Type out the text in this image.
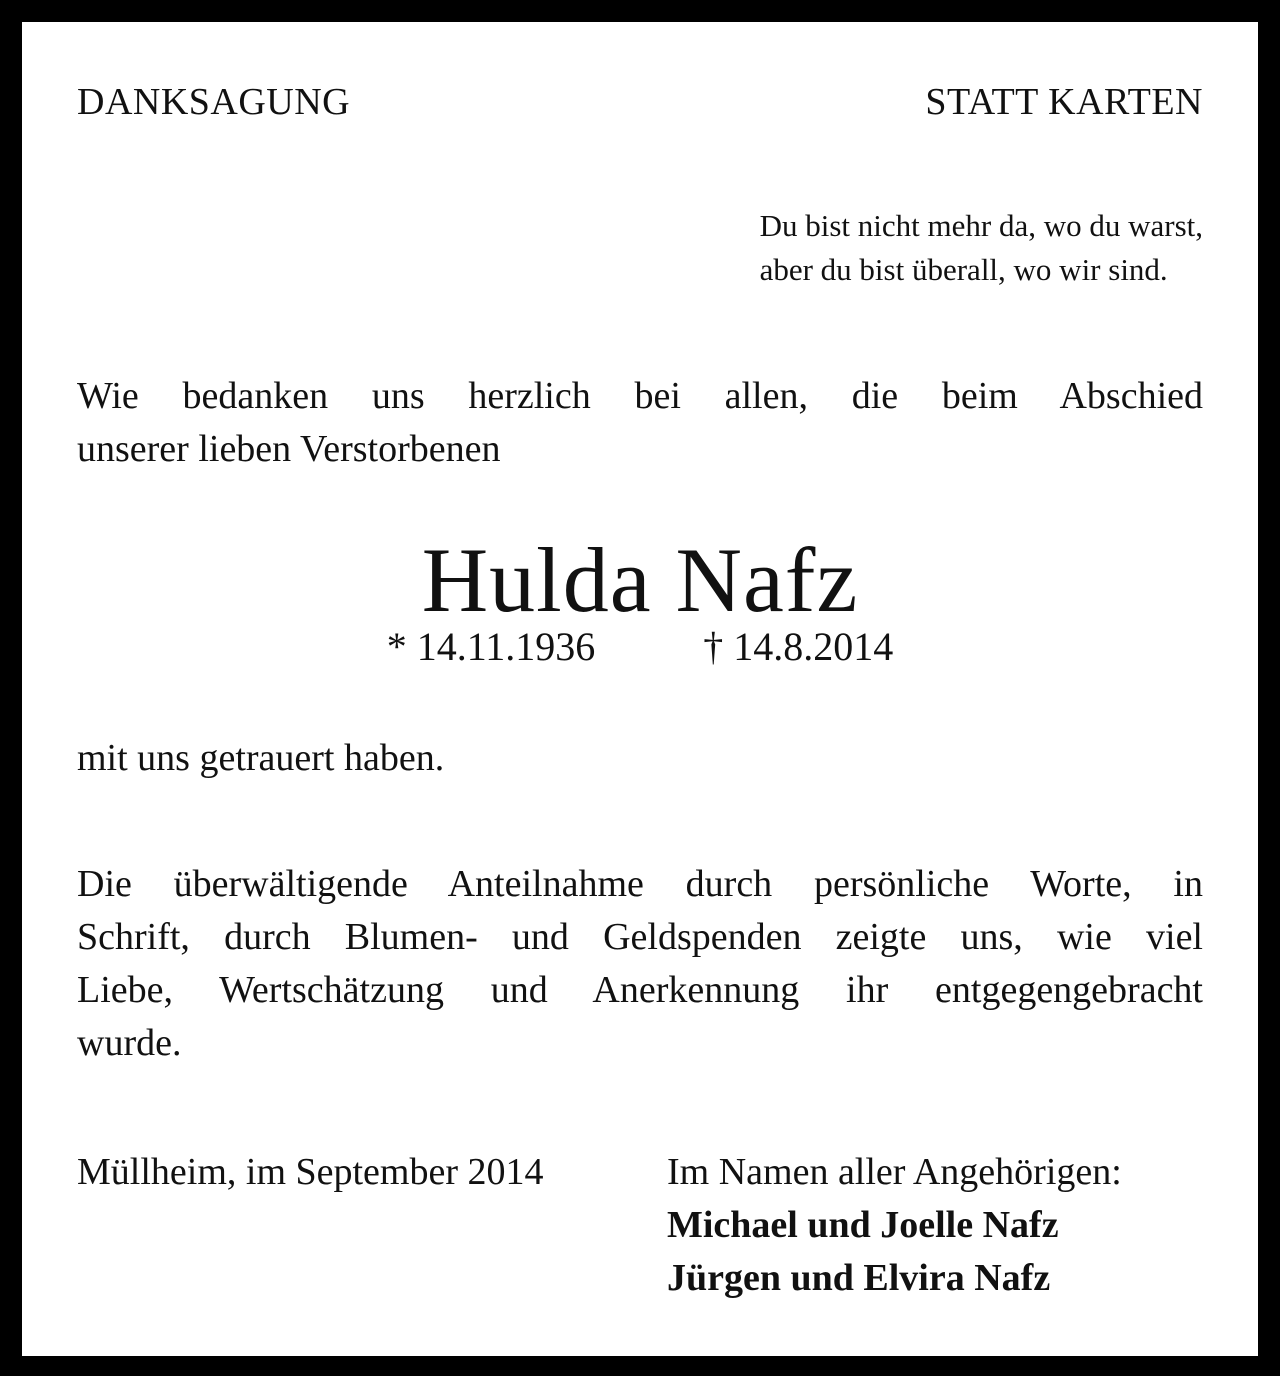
DANKSAGUNG	STATT KARTEN
Du bist nicht mehr da, wo du warst,
aber du bist überall, wo wir sind.
Wie bedanken uns herzlich bei allen, die beim Abschied
unserer lieben Verstorbenen
Hulda Nafz
* 14.11.1936	† 14.8.2014
mit uns getrauert haben.
Die überwältigende Anteilnahme durch persönliche Worte, in
Schrift, durch Blumen- und Geldspenden zeigte uns, wie viel
Liebe, Wertschätzung und Anerkennung ihr entgegengebracht
wurde.
Müllheim, im September 2014	Im Namen aller Angehörigen:
Michael und Joelle Nafz
Jürgen und Elvira Nafz
